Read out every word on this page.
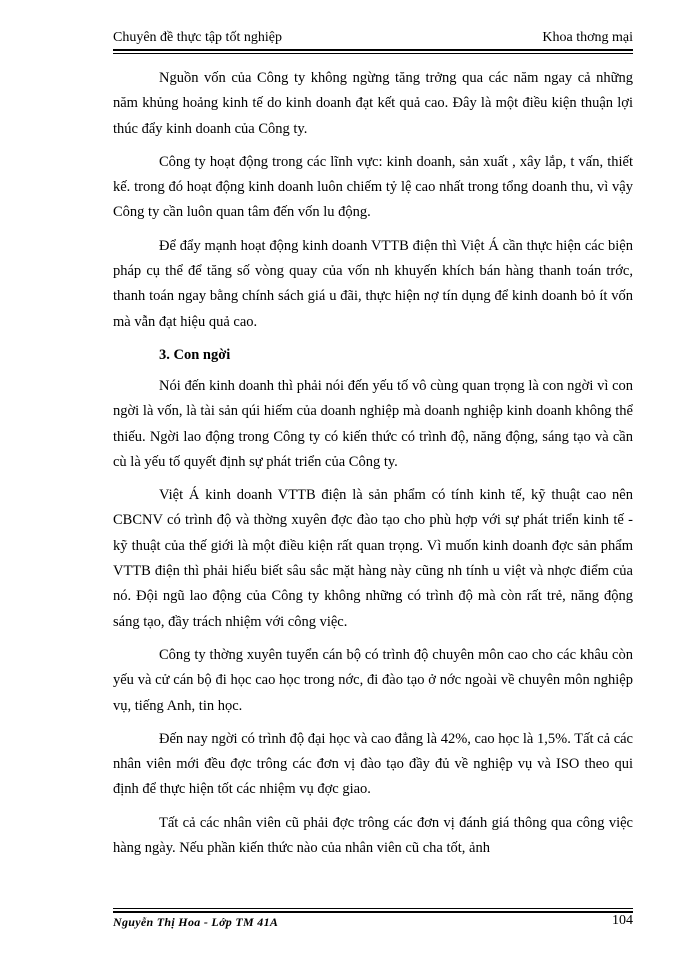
Chuyên đề thực tập tốt nghiệp	Khoa thơng mại

Nguồn vốn của Công ty không ngừng tăng trởng qua các năm ngay cả những năm khủng hoảng kinh tế do kinh doanh đạt kết quả cao. Đây là một điều kiện thuận lợi thúc đẩy kinh doanh của Công ty.

Công ty hoạt động trong các lĩnh vực: kinh doanh, sản xuất , xây lắp, t vấn, thiết kế. trong đó hoạt động kinh doanh luôn chiếm tỷ lệ cao nhất trong tổng doanh thu, vì vậy Công ty cần luôn quan tâm đến vốn lu động.

Để đẩy mạnh hoạt động kinh doanh VTTB điện thì Việt Á cần thực hiện các biện pháp cụ thể để tăng số vòng quay của vốn nh khuyến khích bán hàng thanh toán trớc, thanh toán ngay bằng chính sách giá u đãi, thực hiện nợ tín dụng để kinh doanh bỏ ít vốn mà vẫn đạt hiệu quả cao.

3. Con ngời

Nói đến kinh doanh thì phải nói đến yếu tố vô cùng quan trọng là con ngời vì con ngời là vốn, là tài sản qúi hiếm của doanh nghiệp mà doanh nghiệp kinh doanh không thể thiếu. Ngời lao động trong Công ty có kiến thức có trình độ, năng động, sáng tạo và cần cù là yếu tố quyết định sự phát triển của Công ty.

Việt Á kinh doanh VTTB điện là sản phẩm có tính kinh tế, kỹ thuật cao nên CBCNV có trình độ và thờng xuyên đợc đào tạo cho phù hợp với sự phát triển kinh tế - kỹ thuật của thế giới là một điều kiện rất quan trọng. Vì muốn kinh doanh đợc sản phẩm VTTB điện thì phải hiểu biết sâu sắc mặt hàng này cũng nh tính u việt và nhợc điểm của nó. Đội ngũ lao động của Công ty không những có trình độ mà còn rất trẻ, năng động sáng tạo, đầy trách nhiệm với công việc.

Công ty thờng xuyên tuyển cán bộ có trình độ chuyên môn cao cho các khâu còn yếu và cử cán bộ đi học cao học trong nớc, đi đào tạo ở nớc ngoài về chuyên môn nghiệp vụ, tiếng Anh, tin học.

Đến nay ngời có trình độ đại học và cao đẳng là 42%, cao học là 1,5%. Tất cả các nhân viên mới đều đợc trông các đơn vị đào tạo đầy đủ về nghiệp vụ và ISO theo qui định để thực hiện tốt các nhiệm vụ đợc giao.

Tất cả các nhân viên cũ phải đợc trông các đơn vị đánh giá thông qua công việc hàng ngày. Nếu phần kiến thức nào của nhân viên cũ cha tốt, ảnh

Nguyễn Thị Hoa - Lớp TM 41A	104
